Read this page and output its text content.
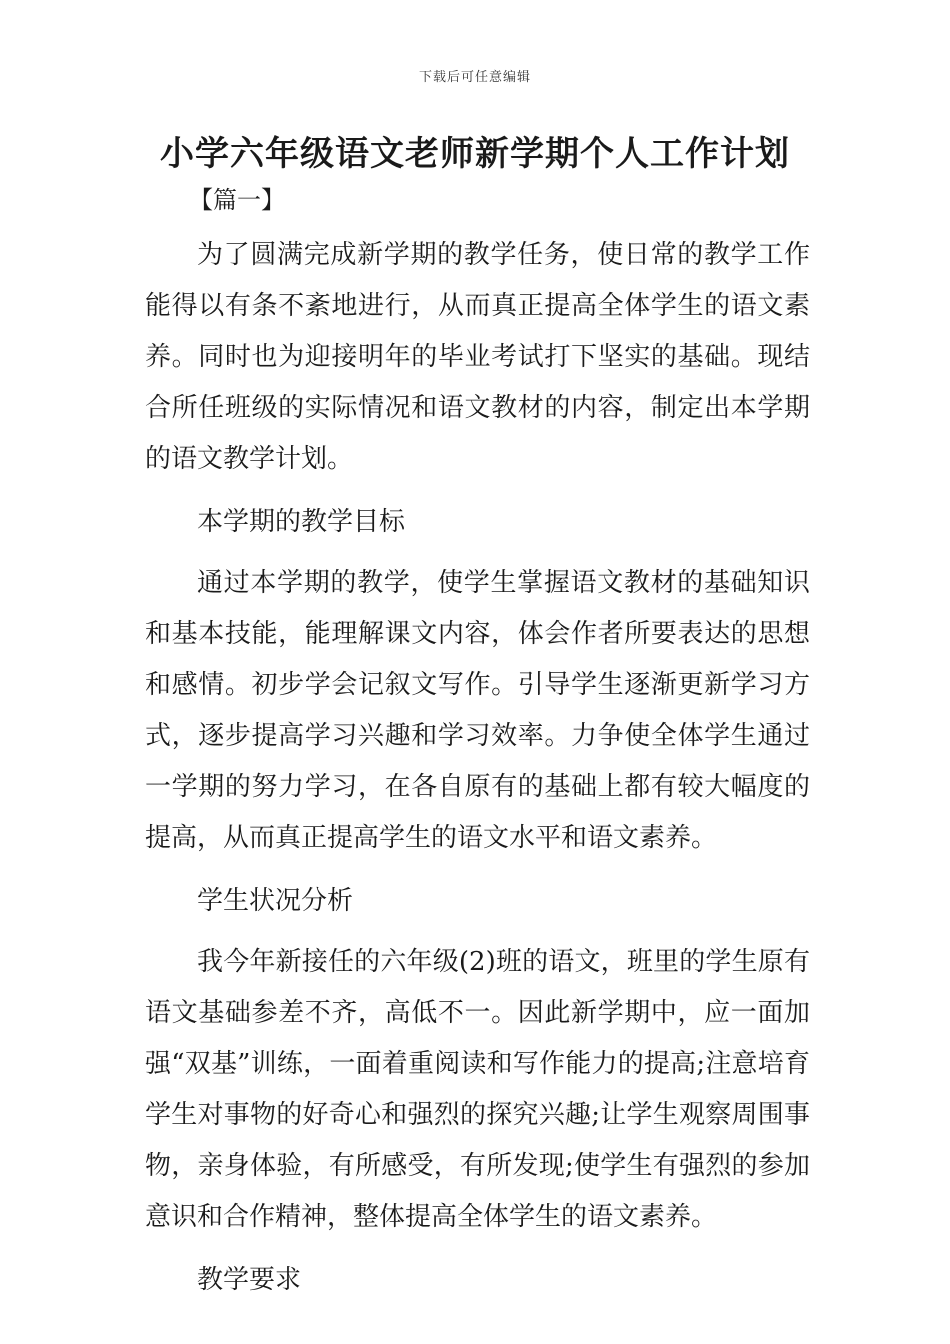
下载后可任意编辑
小学六年级语文老师新学期个人工作计划
【篇一】

为了圆满完成新学期的教学任务，使日常的教学工作能得以有条不紊地进行，从而真正提高全体学生的语文素养。同时也为迎接明年的毕业考试打下坚实的基础。现结合所任班级的实际情况和语文教材的内容，制定出本学期的语文教学计划。

本学期的教学目标

通过本学期的教学，使学生掌握语文教材的基础知识和基本技能，能理解课文内容，体会作者所要表达的思想和感情。初步学会记叙文写作。引导学生逐渐更新学习方式，逐步提高学习兴趣和学习效率。力争使全体学生通过一学期的努力学习，在各自原有的基础上都有较大幅度的提高，从而真正提高学生的语文水平和语文素养。

学生状况分析

我今年新接任的六年级(2)班的语文，班里的学生原有语文基础参差不齐，高低不一。因此新学期中，应一面加强“双基”训练，一面着重阅读和写作能力的提高;注意培育学生对事物的好奇心和强烈的探究兴趣;让学生观察周围事物，亲身体验，有所感受，有所发现;使学生有强烈的参加意识和合作精神，整体提高全体学生的语文素养。

教学要求
